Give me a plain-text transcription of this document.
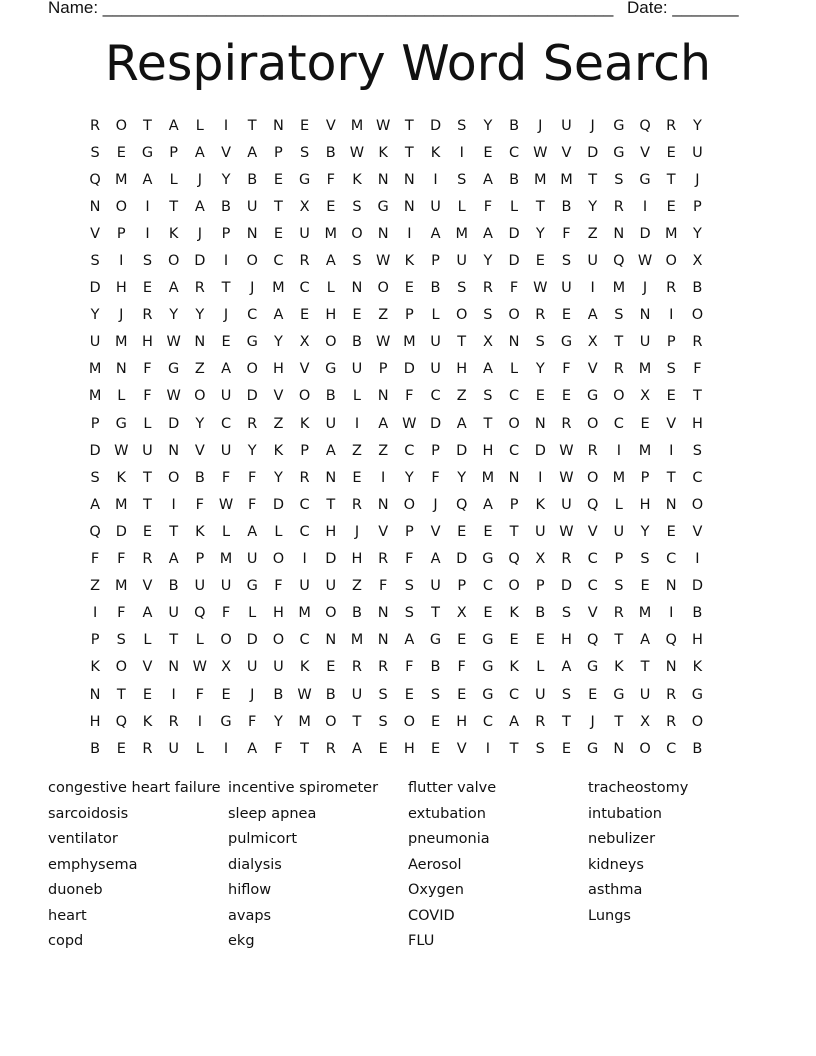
Name: ______________________________________________________ Date: _______
Respiratory Word Search
R	O	T	A	L	I	T	N	E	V	M W	T	D	S	Y	B	J	U	J	G	Q	R	Y
S	E	G	P	A	V	A	P	S	B W K	T	K	I	E	C W V	D	G	V	E	U
Q M	A	L	J	Y	B	E	G	F	K	N	N	I	S	A	B	M M	T	S	G	T	J
N	O	I	T	A	B	U	T	X	E	S	G	N	U	L	F	L	T	B	Y	R	I	E	P
V	P	I	K	J	P	N	E	U	M O	N	I	A	M	A	D	Y	F	Z	N	D M	Y
S	I	S	O	D	I	O	C	R	A	S W K	P	U	Y	D	E	S	U	Q W O	X
D	H	E	A	R	T	J	M	C	L	N	O	E	B	S	R	F	W U	I	M	J	R	B
Y	J	R	Y	Y	J	C	A	E	H	E	Z	P	L	O	S	O	R	E	A	S	N	I	O
U	M H W N	E	G	Y	X	O	B W M	U	T	X	N	S	G	X	T	U	P	R
M	N	F	G	Z	A	O	H	V	G	U	P	D	U	H	A	L	Y	F	V	R	M	S	F
M	L	F	W O	U	D	V	O	B	L	N	F	C	Z	S	C	E	E	G	O	X	E	T
P	G	L	D	Y	C	R	Z	K	U	I	A W D	A	T	O	N	R	O	C	E	V	H
D W U	N	V	U	Y	K	P	A	Z	Z	C	P	D	H	C	D W R	I	M	I	S
S	K	T	O	B	F	F	Y	R	N	E	I	Y	F	Y	M	N	I	W O M	P	T	C
A	M	T	I	F	W	F	D	C	T	R	N	O	J	Q	A	P	K	U	Q	L	H	N	O
Q	D	E	T	K	L	A	L	C	H	J	V	P	V	E	E	T	U W V	U	Y	E	V
F	F	R	A	P	M	U	O	I	D	H	R	F	A	D	G	Q	X	R	C	P	S	C	I
Z	M	V	B	U	U	G	F	U	U	Z	F	S	U	P	C	O	P	D	C	S	E	N	D
I	F	A	U	Q	F	L	H M O	B	N	S	T	X	E	K	B	S	V	R	M	I	B
P	S	L	T	L	O	D	O	C	N	M	N	A	G	E	G	E	E	H	Q	T	A	Q	H
K	O	V	N W X	U	U	K	E	R	R	F	B	F	G	K	L	A	G	K	T	N	K
N	T	E	I	F	E	J	B W B	U	S	E	S	E	G	C	U	S	E	G	U	R	G
H	Q	K	R	I	G	F	Y	M O	T	S	O	E	H	C	A	R	T	J	T	X	R	O
B	E	R	U	L	I	A	F	T	R	A	E	H	E	V	I	T	S	E	G	N	O	C	B
congestive heart failure
sarcoidosis
ventilator
emphysema
duoneb
heart
copd
incentive spirometer
sleep apnea
pulmicort
dialysis
hiflow
avaps
ekg
flutter valve
extubation
pneumonia
Aerosol
Oxygen
COVID
FLU
tracheostomy
intubation
nebulizer
kidneys
asthma
Lungs
